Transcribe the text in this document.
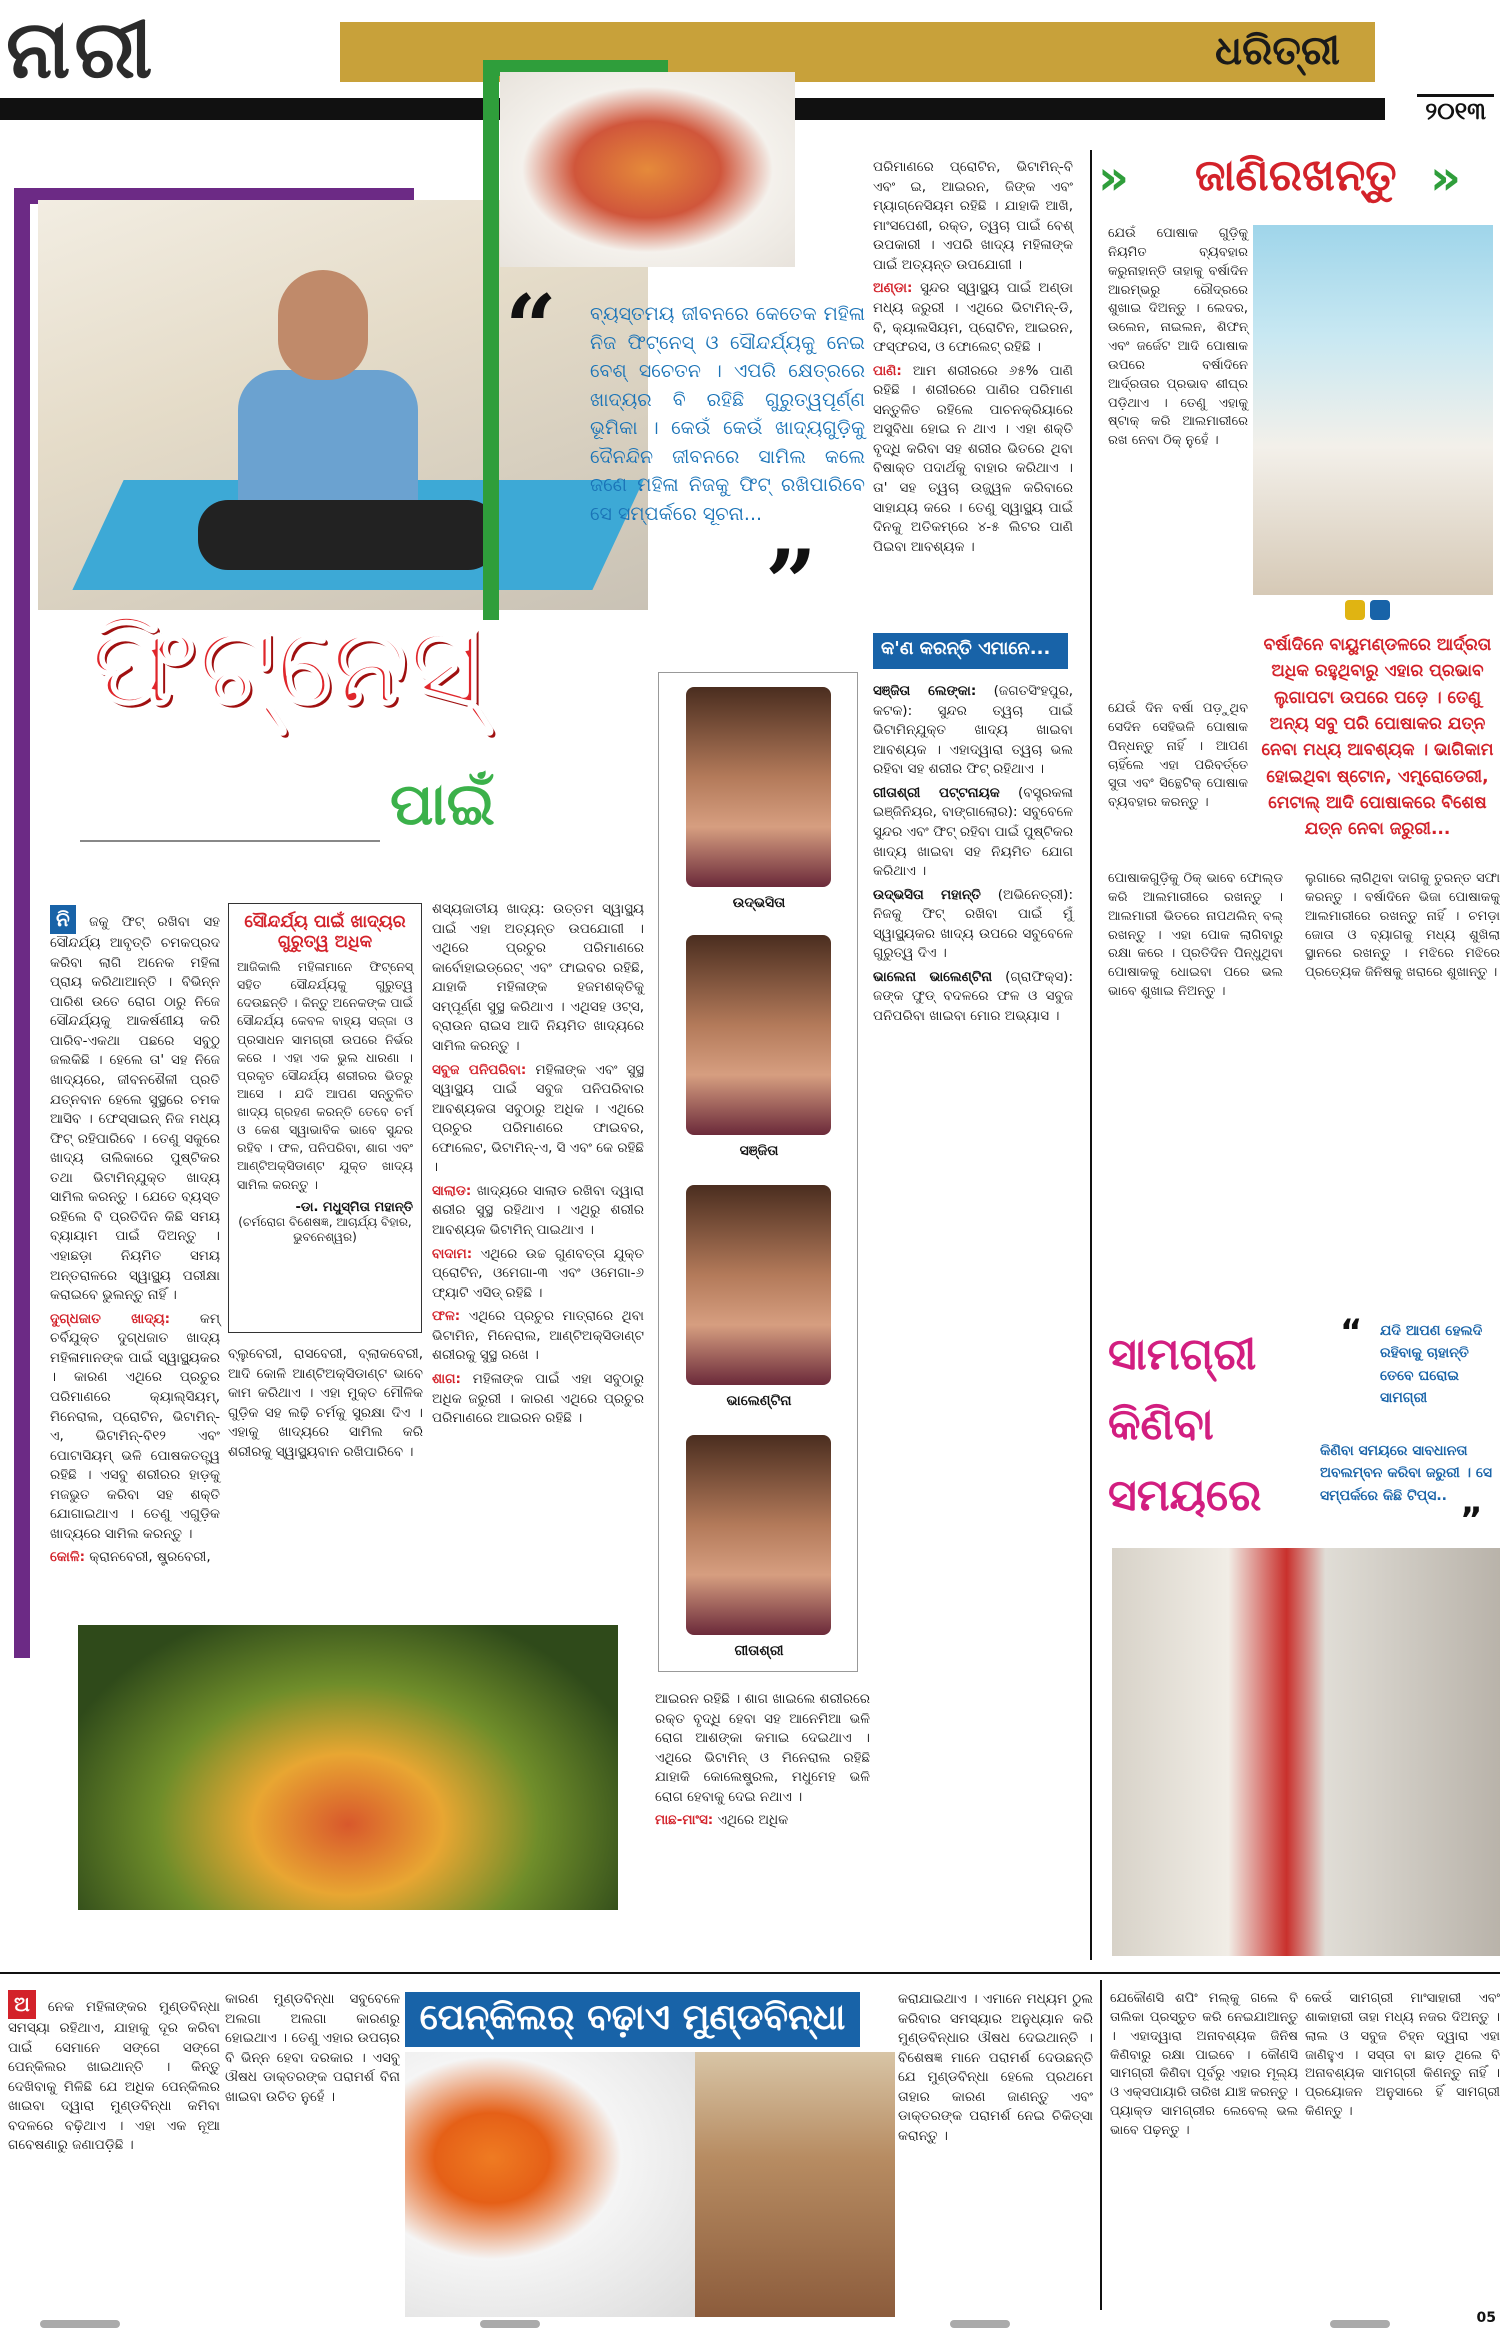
ନାରୀ	ଧରିତ୍ରୀ
୨୦୧୩
“ ବ୍ୟସ୍ତମୟ ଜୀବନରେ କେତେକ ମହିଳା ନିଜ ଫିଟ୍‌ନେସ୍ ଓ ସୌନ୍ଦର୍ଯ୍ୟକୁ ନେଇ ବେଶ୍ ସଚେତନ । ଏପରି କ୍ଷେତ୍ରରେ ଖାଦ୍ୟର ବି ରହିଛି ଗୁରୁତ୍ୱପୂର୍ଣ୍ଣ ଭୂମିକା । କେଉଁ କେଉଁ ଖାଦ୍ୟଗୁଡ଼ିକୁ ଦୈନନ୍ଦିନ ଜୀବନରେ ସାମିଲ କଲେ ଜଣେ ମହିଳା ନିଜକୁ ଫିଟ୍ ରଖିପାରିବେ ସେ ସମ୍ପର୍କରେ ସୂଚନା...
”
ଫିଟ୍‌ନେସ୍
ପାଇଁ

ନି ଜକୁ ଫିଟ୍ ରଖିବା ସହ ସୌନ୍ଦର୍ଯ୍ୟ ଆବୃତ୍ତି ଚମକପ୍ରଦ କରିବା ଲାଗି ଅନେକ ମହିଳା ପ୍ରାୟ କରିଥାଆନ୍ତି । ବିଭିନ୍ନ ପାରିଶ ଉତେ ରୋଗ ଠାରୁ ନିଜେ ସୌନ୍ଦର୍ଯ୍ୟକୁ ଆକର୍ଷଣୀୟ କରି ପାରିବ-ଏକଥା ପଛରେ ସବୁଠୁ ଜଲକିଛି । ହେଲେ ତା' ସହ ନିଜେ ଖାଦ୍ୟରେ, ଜୀବନଶୈଳୀ ପ୍ରତି ଯତ୍ନବାନ ହେଲେ ସୁସ୍ଥରେ ଚମକ ଆସିବ । ଫେସ୍‌ସାଇନ୍‌ ନିଜ ମଧ୍ୟ ଫିଟ୍ ରହିପାରିବେ । ତେଣୁ ସକୁରେ ଖାଦ୍ୟ ତାଲିକାରେ ପୁଷ୍ଟିକର ତଥା ଭିଟାମିନ୍‌ଯୁକ୍ତ ଖାଦ୍ୟ ସାମିଲ କରନ୍ତୁ । ଯେତେ ବ୍ୟସ୍ତ ରହିଲେ ବି ପ୍ରତିଦିନ କିଛି ସମୟ ବ୍ୟାୟାମ ପାଇଁ ଦିଅନ୍ତୁ । ଏହାଛଡ଼ା ନିୟମିତ ସମୟ ଅନ୍ତରାଳରେ ସ୍ୱାସ୍ଥ୍ୟ ପରୀକ୍ଷା କରାଇବେ ଭୁଲନ୍ତୁ ନାହିଁ ।

ଦୁଗ୍ଧଜାତ ଖାଦ୍ୟ: କମ୍ ଚର୍ବିଯୁକ୍ତ ଦୁଗ୍ଧଜାତ ଖାଦ୍ୟ ମହିଳାମାନଙ୍କ ପାଇଁ ସ୍ୱାସ୍ଥ୍ୟକର । କାରଣ ଏଥିରେ ପ୍ରଚୁର ପରିମାଣରେ କ୍ୟାଲ୍‌ସିୟମ୍, ମିନେରାଲ, ପ୍ରୋଟିନ, ଭିଟାମିନ୍-ଏ, ଭିଟାମିନ୍-ବି୧୨ ଏବଂ ପୋଟାସିୟମ୍ ଭଳି ପୋଷକତତ୍ତ୍ୱ ରହିଛି । ଏସବୁ ଶରୀରର ହାଡ଼କୁ ମଜଭୁତ କରିବା ସହ ଶକ୍ତି ଯୋଗାଇଥାଏ । ତେଣୁ ଏଗୁଡ଼ିକ ଖାଦ୍ୟରେ ସାମିଲ କରନ୍ତୁ ।

କୋଳି: କ୍ରାନବେରୀ, ଷ୍ଟ୍ରବେରୀ,

ସୌନ୍ଦର୍ଯ୍ୟ ପାଇଁ ଖାଦ୍ୟର ଗୁରୁତ୍ୱ ଅଧିକ
ଆଜିକାଲି ମହିଳାମାନେ ଫିଟ୍‌ନେସ୍ ସହିତ ସୌନ୍ଦର୍ଯ୍ୟକୁ ଗୁରୁତ୍ୱ ଦେଉଛନ୍ତି । କିନ୍ତୁ ଅନେକଙ୍କ ପାଇଁ ସୌନ୍ଦର୍ଯ୍ୟ କେବଳ ବାହ୍ୟ ସଜ୍ଜା ଓ ପ୍ରସାଧନ ସାମଗ୍ରୀ ଉପରେ ନିର୍ଭର କରେ । ଏହା ଏକ ଭୁଲ ଧାରଣା । ପ୍ରକୃତ ସୌନ୍ଦର୍ଯ୍ୟ ଶରୀରର ଭିତରୁ ଆସେ । ଯଦି ଆପଣ ସନ୍ତୁଳିତ ଖାଦ୍ୟ ଗ୍ରହଣ କରନ୍ତି ତେବେ ଚର୍ମ ଓ କେଶ ସ୍ୱାଭାବିକ ଭାବେ ସୁନ୍ଦର ରହିବ । ଫଳ, ପନିପରିବା, ଶାଗ ଏବଂ ଆଣ୍ଟିଅକ୍ସିଡାଣ୍ଟ ଯୁକ୍ତ ଖାଦ୍ୟ ସାମିଲ କରନ୍ତୁ ।
-ଡା. ମଧୁସ୍ମିତା ମହାନ୍ତି
(ଚର୍ମରୋଗ ବିଶେଷଜ୍ଞ, ଆଚାର୍ଯ୍ୟ ବିହାର, ଭୁବନେଶ୍ୱର)
ବ୍ଲୁବେରୀ, ରାସବେରୀ, ବ୍ଲାକବେରୀ, ଆଦି କୋଳି ଆଣ୍ଟିଅକ୍ସିଡାଣ୍ଟ ଭାବେ କାମ କରିଥାଏ । ଏହା ମୁକ୍ତ ମୌଳିକ ଗୁଡ଼ିକ ସହ ଲଢ଼ି ଚର୍ମକୁ ସୁରକ୍ଷା ଦିଏ । ଏହାକୁ ଖାଦ୍ୟରେ ସାମିଲ କରି ଶରୀରକୁ ସ୍ୱାସ୍ଥ୍ୟବାନ ରଖିପାରିବେ ।

ଶସ୍ୟଜାତୀୟ ଖାଦ୍ୟ: ଉତ୍ତମ ସ୍ୱାସ୍ଥ୍ୟ ପାଇଁ ଏହା ଅତ୍ୟନ୍ତ ଉପଯୋଗୀ । ଏଥିରେ ପ୍ରଚୁର ପରିମାଣରେ କାର୍ବୋହାଇଡ୍ରେଟ୍ ଏବଂ ଫାଇବର ରହିଛି, ଯାହାକି ମହିଳାଙ୍କ ହଜମଶକ୍ତିକୁ ସମ୍ପୂର୍ଣ୍ଣ ସୁସ୍ଥ କରିଥାଏ । ଏଥିସହ ଓଟ୍ସ, ବ୍ରାଉନ ରାଇସ ଆଦି ନିୟମିତ ଖାଦ୍ୟରେ ସାମିଲ କରନ୍ତୁ ।

ସବୁଜ ପନିପରିବା: ମହିଳାଙ୍କ ଏବଂ ସୁସ୍ଥ ସ୍ୱାସ୍ଥ୍ୟ ପାଇଁ ସବୁଜ ପନିପରିବାର ଆବଶ୍ୟକତା ସବୁଠାରୁ ଅଧିକ । ଏଥିରେ ପ୍ରଚୁର ପରିମାଣରେ ଫାଇବର, ଫୋଲେଟ, ଭିଟାମିନ୍-ଏ, ସି ଏବଂ କେ ରହିଛି ।

ସାଲାଡ: ଖାଦ୍ୟରେ ସାଲାଡ ରଖିବା ଦ୍ୱାରା ଶରୀର ସୁସ୍ଥ ରହିଥାଏ । ଏଥିରୁ ଶରୀର ଆବଶ୍ୟକ ଭିଟାମିନ୍ ପାଇଥାଏ ।

ବାଦାମ: ଏଥିରେ ଉଚ୍ଚ ଗୁଣବତ୍ତା ଯୁକ୍ତ ପ୍ରୋଟିନ, ଓମେଗା-୩ ଏବଂ ଓମେଗା-୬ ଫ୍ୟାଟି ଏସିଡ୍ ରହିଛି ।

ଫଳ: ଏଥିରେ ପ୍ରଚୁର ମାତ୍ରାରେ ଥିବା ଭିଟାମିନ, ମିନେରାଲ, ଆଣ୍ଟିଅକ୍ସିଡାଣ୍ଟ ଶରୀରକୁ ସୁସ୍ଥ ରଖେ ।

ଶାଗ: ମହିଳାଙ୍କ ପାଇଁ ଏହା ସବୁଠାରୁ ଅଧିକ ଜରୁରୀ । କାରଣ ଏଥିରେ ପ୍ରଚୁର ପରିମାଣରେ ଆଇରନ ରହିଛି ।

ଉଦ୍ଭସିତା
ସଞ୍ଜିତା
ଭାଲେଣ୍ଟିନା
ଗୀତାଶ୍ରୀ

ଆଇରନ ରହିଛି । ଶାଗ ଖାଇଲେ ଶରୀରରେ ରକ୍ତ ବୃଦ୍ଧି ହେବା ସହ ଆନେମିଆ ଭଳି ରୋଗ ଆଶଙ୍କା କମାଇ ଦେଇଥାଏ । ଏଥିରେ ଭିଟାମିନ୍ ଓ ମିନେରାଲ ରହିଛି ଯାହାକି କୋଲେଷ୍ଟ୍ରଲ, ମଧୁମେହ ଭଳି ରୋଗ ହେବାକୁ ଦେଇ ନଥାଏ ।

ମାଛ-ମାଂସ: ଏଥିରେ ଅଧିକ

ପରିମାଣରେ ପ୍ରୋଟିନ, ଭିଟାମିନ୍-ବି ଏବଂ ଇ, ଆଇରନ, ଜିଙ୍କ ଏବଂ ମ୍ୟାଗ୍ନେସିୟମ ରହିଛି । ଯାହାକି ଆଖି, ମାଂସପେଶୀ, ରକ୍ତ, ତ୍ୱଚା ପାଇଁ ବେଶ୍ ଉପକାରୀ । ଏପରି ଖାଦ୍ୟ ମହିଳାଙ୍କ ପାଇଁ ଅତ୍ୟନ୍ତ ଉପଯୋଗୀ ।

ଅଣ୍ଡା: ସୁନ୍ଦର ସ୍ୱାସ୍ଥ୍ୟ ପାଇଁ ଅଣ୍ଡା ମଧ୍ୟ ଜରୁରୀ । ଏଥିରେ ଭିଟାମିନ୍-ଡି, ବି, କ୍ୟାଲସିୟମ, ପ୍ରୋଟିନ, ଆଇରନ, ଫସ୍ଫରସ, ଓ ଫୋଲେଟ୍ ରହିଛି ।

ପାଣି: ଆମ ଶରୀରରେ ୬୫% ପାଣି ରହିଛି । ଶରୀରରେ ପାଣିର ପରିମାଣ ସନ୍ତୁଳିତ ରହିଲେ ପାଚନକ୍ରିୟାରେ ଅସୁବିଧା ହୋଇ ନ ଥାଏ । ଏହା ଶକ୍ତି ବୃଦ୍ଧି କରିବା ସହ ଶରୀର ଭିତରେ ଥିବା ବିଷାକ୍ତ ପଦାର୍ଥକୁ ବାହାର କରିଥାଏ । ତା' ସହ ତ୍ୱଚା ଉଜ୍ଜ୍ୱଳ କରିବାରେ ସାହାଯ୍ୟ କରେ । ତେଣୁ ସ୍ୱାସ୍ଥ୍ୟ ପାଇଁ ଦିନକୁ ଅତିକମ୍‌ରେ ୪-୫ ଲିଟର ପାଣି ପିଇବା ଆବଶ୍ୟକ ।

କ'ଣ କରନ୍ତି ଏମାନେ...

ସଞ୍ଜିତା ଲେଙ୍କା: (ଜଗତସିଂହପୁର, କଟକ): ସୁନ୍ଦର ତ୍ୱଚା ପାଇଁ ଭିଟାମିନ୍‌ଯୁକ୍ତ ଖାଦ୍ୟ ଖାଇବା ଆବଶ୍ୟକ । ଏହାଦ୍ୱାରା ତ୍ୱଚା ଭଲ ରହିବା ସହ ଶରୀର ଫିଟ୍ ରହିଥାଏ ।

ଗୀତାଶ୍ରୀ ପଟ୍ଟନାୟକ (ବସ୍ତ୍ରକଳା ଇଞ୍ଜିନିୟର, ବାଙ୍ଗାଲୋର): ସବୁବେଳେ ସୁନ୍ଦର ଏବଂ ଫିଟ୍ ରହିବା ପାଇଁ ପୁଷ୍ଟିକର ଖାଦ୍ୟ ଖାଇବା ସହ ନିୟମିତ ଯୋଗ କରିଥାଏ ।

ଉଦ୍ଭସିତା ମହାନ୍ତି (ଅଭିନେତ୍ରୀ): ନିଜକୁ ଫିଟ୍ ରଖିବା ପାଇଁ ମୁଁ ସ୍ୱାସ୍ଥ୍ୟକର ଖାଦ୍ୟ ଉପରେ ସବୁବେଳେ ଗୁରୁତ୍ୱ ଦିଏ ।

ଭାଲେନା ଭାଲେଣ୍ଟିନା (ଗ୍ରାଫିକ୍‌ସ): ଜଙ୍କ ଫୁଡ୍ ବଦଳରେ ଫଳ ଓ ସବୁଜ ପନିପରିବା ଖାଇବା ମୋର ଅଭ୍ୟାସ ।

» ଜାଣିରଖନ୍ତୁ »
ଯେଉଁ ପୋଷାକ ଗୁଡ଼ିକୁ ନିୟମିତ ବ୍ୟବହାର କରୁନାହାନ୍ତି ତାହାକୁ ବର୍ଷାଦିନ ଆରମ୍ଭରୁ ରୌଦ୍ରରେ ଶୁଖାଇ ଦିଅନ୍ତୁ । ଲେଦର, ଉଲେନ, ନାଇଲନ, ଶିଫନ୍ ଏବଂ ଜର୍ଜେଟ ଆଦି ପୋଷାକ ଉପରେ ବର୍ଷାଦିନେ ଆର୍ଦ୍ରତାର ପ୍ରଭାବ ଶୀଘ୍ର ପଡ଼ିଥାଏ । ତେଣୁ ଏହାକୁ ଷ୍ଟାକ୍ କରି ଆଲମାରୀରେ ରଖ ନେବା ଠିକ୍ ନୁହେଁ ।
ଯେଉଁ ଦିନ ବର୍ଷା ପଡ଼ୁଥିବ ସେଦିନ ସେହିଭଳି ପୋଷାକ ପିନ୍ଧନ୍ତୁ ନାହିଁ । ଆପଣ ଚାହିଁଲେ ଏହା ପରିବର୍ତ୍ତେ ସୁତା ଏବଂ ସିନ୍ଥେଟିକ୍ ପୋଷାକ ବ୍ୟବହାର କରନ୍ତୁ ।
ବର୍ଷାଦିନେ ବାୟୁମଣ୍ଡଳରେ ଆର୍ଦ୍ରତା ଅଧିକ ରହୁଥିବାରୁ ଏହାର ପ୍ରଭାବ ଲୁଗାପଟା ଉପରେ ପଡ଼େ । ତେଣୁ ଅନ୍ୟ ସବୁ ପରି ପୋଷାକର ଯତ୍ନ ନେବା ମଧ୍ୟ ଆବଶ୍ୟକ । ଭାଗିକାମ ହୋଇଥିବା ଷ୍ଟୋନ, ଏମ୍ବ୍ରୋଡେରୀ, ମେଟାଲ୍ ଆଦି ପୋଷାକରେ ବିଶେଷ ଯତ୍ନ ନେବା ଜରୁରୀ...
ପୋଷାକଗୁଡ଼ିକୁ ଠିକ୍ ଭାବେ ଫୋଲ୍ଡ କରି ଆଲମାରୀରେ ରଖନ୍ତୁ । ଆଲମାରୀ ଭିତରେ ନାପଥଲିନ୍ ବଲ୍ ରଖନ୍ତୁ । ଏହା ପୋକ ଲାଗିବାରୁ ରକ୍ଷା କରେ । ପ୍ରତିଦିନ ପିନ୍ଧୁଥିବା ପୋଷାକକୁ ଧୋଇବା ପରେ ଭଲ ଭାବେ ଶୁଖାଇ ନିଅନ୍ତୁ ।
ଲୁଗାରେ ଲାଗିଥିବା ଦାଗକୁ ତୁରନ୍ତ ସଫା କରନ୍ତୁ । ବର୍ଷାଦିନେ ଭିଜା ପୋଷାକକୁ ଆଲମାରୀରେ ରଖନ୍ତୁ ନାହିଁ । ଚମଡ଼ା ଜୋତା ଓ ବ୍ୟାଗକୁ ମଧ୍ୟ ଶୁଖିଲା ସ୍ଥାନରେ ରଖନ୍ତୁ । ମଝିରେ ମଝିରେ ପ୍ରତ୍ୟେକ ଜିନିଷକୁ ଖରାରେ ଶୁଖାନ୍ତୁ ।
ସାମଗ୍ରୀ କିଣିବା ସମୟରେ
“ ଯଦି ଆପଣ ହେଲଦି ରହିବାକୁ ଚାହାନ୍ତି ତେବେ ଘରୋଇ ସାମଗ୍ରୀ
କିଣିବା ସମୟରେ ସାବଧାନତା ଅବଲମ୍ବନ କରିବା ଜରୁରୀ । ସେ ସମ୍ପର୍କରେ କିଛି ଟିପ୍ସ..
”
ଅ ନେକ ମହିଳାଙ୍କର ମୁଣ୍ଡବିନ୍ଧା ସମସ୍ୟା ରହିଥାଏ, ଯାହାକୁ ଦୂର କରିବା ପାଇଁ ସେମାନେ ସଙ୍ଗେ ସଙ୍ଗେ ପେନ୍‌କିଲର ଖାଇଥାନ୍ତି । କିନ୍ତୁ ଦେଖିବାକୁ ମିଳିଛି ଯେ ଅଧିକ ପେନ୍‌କିଲର ଖାଇବା ଦ୍ୱାରା ମୁଣ୍ଡବିନ୍ଧା କମିବା ବଦଳରେ ବଢ଼ିଥାଏ । ଏହା ଏକ ନୂଆ ଗବେଷଣାରୁ ଜଣାପଡ଼ିଛି ।
କାରଣ ମୁଣ୍ଡବିନ୍ଧା ସବୁବେଳେ ଅଲଗା ଅଲଗା କାରଣରୁ ହୋଇଥାଏ । ତେଣୁ ଏହାର ଉପଚାର ବି ଭିନ୍ନ ହେବା ଦରକାର । ଏସବୁ ଔଷଧ ଡାକ୍ତରଙ୍କ ପରାମର୍ଶ ବିନା ଖାଇବା ଉଚିତ ନୁହେଁ ।
ପେନ୍‌କିଲର୍ ବଢ଼ାଏ ମୁଣ୍ଡବିନ୍ଧା	କରାଯାଇଥାଏ । ଏମାନେ ମଧ୍ୟମ ଠୁଲ କରିବାର ସମସ୍ୟାର ଅନୁଧ୍ୟାନ କରି ମୁଣ୍ଡବିନ୍ଧାର ଔଷଧ ଦେଇଥାନ୍ତି । ବିଶେଷଜ୍ଞ ମାନେ ପରାମର୍ଶ ଦେଉଛନ୍ତି ଯେ ମୁଣ୍ଡବିନ୍ଧା ହେଲେ ପ୍ରଥମେ ତାହାର କାରଣ ଜାଣନ୍ତୁ ଏବଂ ଡାକ୍ତରଙ୍କ ପରାମର୍ଶ ନେଇ ଚିକିତ୍ସା କରାନ୍ତୁ ।
ଯେକୌଣସି ଶପିଂ ମଲ୍‌କୁ ଗଲେ ବି ତାଲିକା ପ୍ରସ୍ତୁତ କରି ନେଇଯାଆନ୍ତୁ । ଏହାଦ୍ୱାରା ଅନାବଶ୍ୟକ ଜିନିଷ କିଣିବାରୁ ରକ୍ଷା ପାଇବେ । କୌଣସି ସାମଗ୍ରୀ କିଣିବା ପୂର୍ବରୁ ଏହାର ମୂଲ୍ୟ ଓ ଏକ୍ସପାୟାରି ତାରିଖ ଯାଞ୍ଚ କରନ୍ତୁ । ପ୍ୟାକ୍ଡ ସାମଗ୍ରୀର ଲେବେଲ୍ ଭଲ ଭାବେ ପଢ଼ନ୍ତୁ ।
କେଉଁ ସାମଗ୍ରୀ ମାଂସାହାରୀ ଏବଂ ଶାକାହାରୀ ତାହା ମଧ୍ୟ ନଜର ଦିଅନ୍ତୁ । ଲାଲ ଓ ସବୁଜ ଚିହ୍ନ ଦ୍ୱାରା ଏହା ଜାଣିହୁଏ । ସସ୍ତା ବା ଛାଡ଼ ଥିଲେ ବି ଅନାବଶ୍ୟକ ସାମଗ୍ରୀ କିଣନ୍ତୁ ନାହିଁ । ପ୍ରୟୋଜନ ଅନୁସାରେ ହିଁ ସାମଗ୍ରୀ କିଣନ୍ତୁ ।
05
